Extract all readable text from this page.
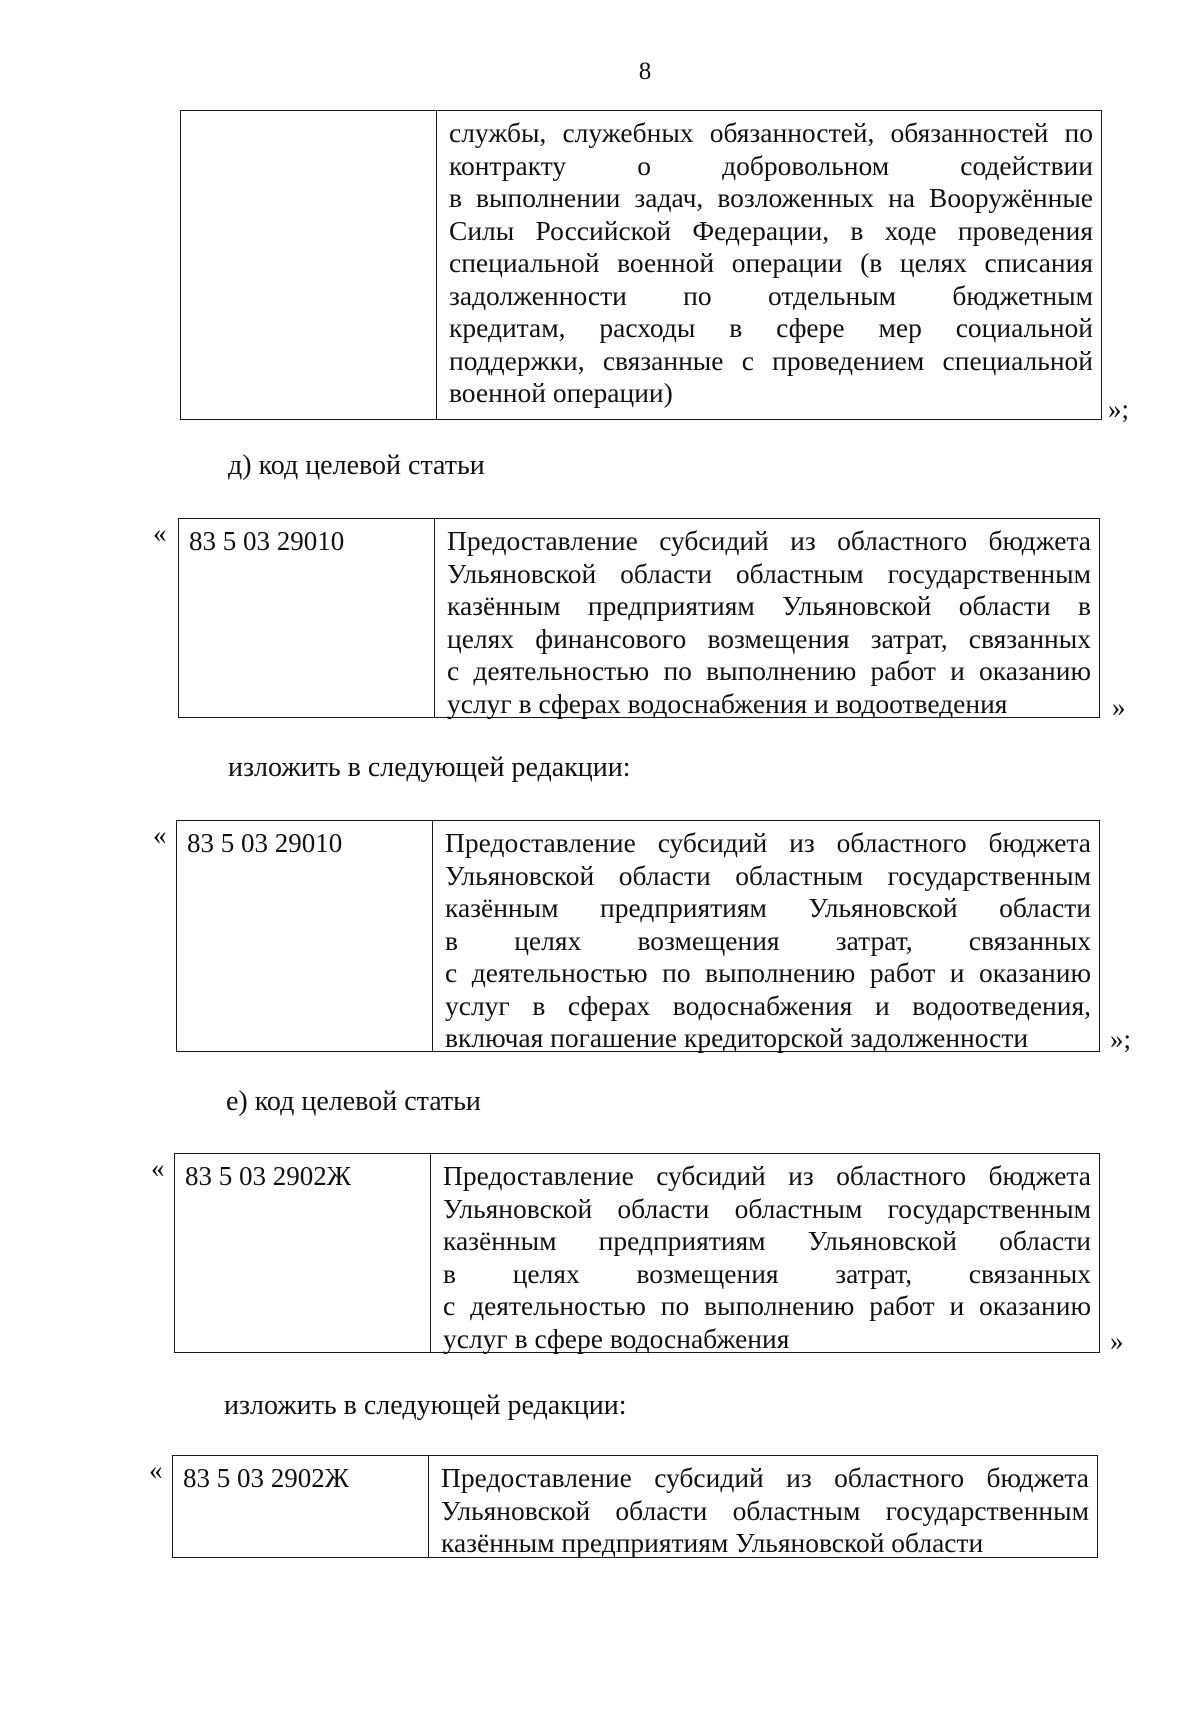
8
службы, служебных обязанностей, обязанностей по
контракту о добровольном содействии
в выполнении задач, возложенных на Вооружённые
Силы Российской Федерации, в ходе проведения
специальной военной операции (в целях списания
задолженности по отдельным бюджетным
кредитам, расходы в сфере мер социальной
поддержки, связанные с проведением специальной
военной операции)
»;
д) код целевой статьи
« 83 5 03 29010	Предоставление субсидий из областного бюджета
Ульяновской области областным государственным
казённым предприятиям Ульяновской области в
целях финансового возмещения затрат, связанных
с деятельностью по выполнению работ и оказанию
услуг в сферах водоснабжения и водоотведения	»
изложить в следующей редакции:
« 83 5 03 29010	Предоставление субсидий из областного бюджета
Ульяновской области областным государственным
казённым предприятиям Ульяновской области
в целях возмещения затрат, связанных
с деятельностью по выполнению работ и оказанию
услуг в сферах водоснабжения и водоотведения,
включая погашение кредиторской задолженности	»;
е) код целевой статьи
« 83 5 03 2902Ж	Предоставление субсидий из областного бюджета
Ульяновской области областным государственным
казённым предприятиям Ульяновской области
в целях возмещения затрат, связанных
с деятельностью по выполнению работ и оказанию
услуг в сфере водоснабжения	»
изложить в следующей редакции:
« 83 5 03 2902Ж	Предоставление субсидий из областного бюджета
Ульяновской области областным государственным
казённым предприятиям Ульяновской области
